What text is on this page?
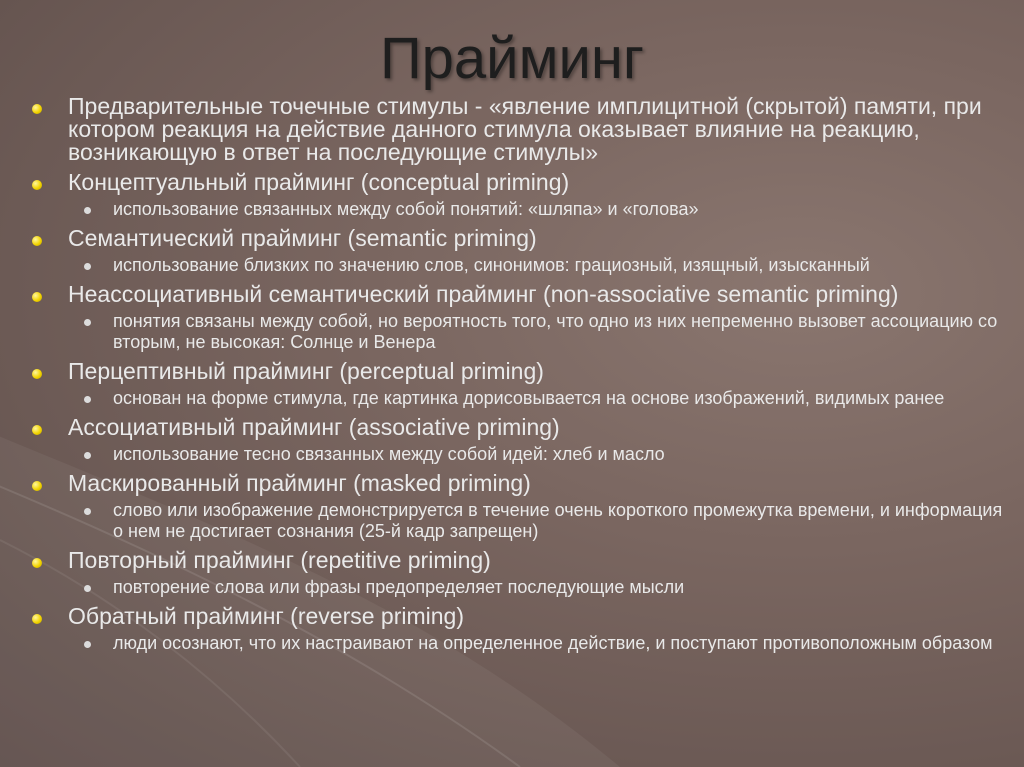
Прайминг
Предварительные точечные стимулы - «явление имплицитной (скрытой) памяти, при котором реакция на действие данного стимула оказывает влияние на реакцию, возникающую в ответ на последующие стимулы»
Концептуальный прайминг (conceptual priming)
использование связанных между собой понятий: «шляпа» и «голова»
Семантический прайминг (semantic priming)
использование близких по значению слов, синонимов: грациозный, изящный, изысканный
Неассоциативный семантический прайминг (non-associative semantic priming)
понятия связаны между собой, но вероятность того, что одно из них непременно вызовет ассоциацию со вторым, не высокая: Солнце и Венера
Перцептивный прайминг (perceptual priming)
основан на форме стимула, где картинка дорисовывается на основе изображений, видимых ранее
Ассоциативный прайминг (associative priming)
использование тесно связанных между собой идей: хлеб и масло
Маскированный прайминг (masked priming)
слово или изображение демонстрируется в течение очень короткого промежутка времени, и информация о нем не достигает сознания (25-й кадр запрещен)
Повторный прайминг (repetitive priming)
повторение слова или фразы предопределяет последующие мысли
Обратный прайминг (reverse priming)
люди осознают, что их настраивают на определенное действие, и поступают противоположным образом
